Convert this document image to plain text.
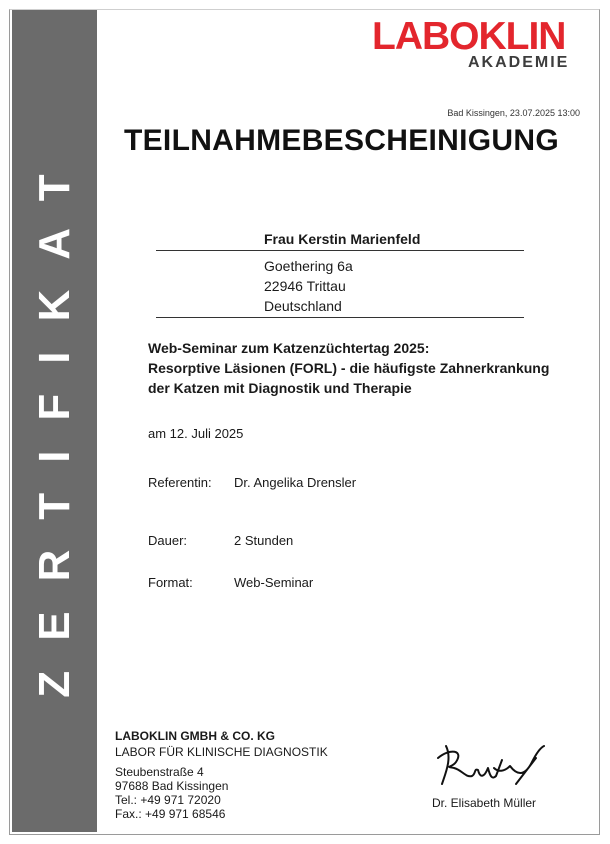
ZERTIFIKAT
LABOKLIN
AKADEMIE
Bad Kissingen, 23.07.2025 13:00
TEILNAHMEBESCHEINIGUNG
Frau Kerstin Marienfeld
Goethering 6a
22946 Trittau
Deutschland
Web-Seminar zum Katzenzüchtertag 2025:
Resorptive Läsionen (FORL) - die häufigste Zahnerkrankung
der Katzen mit Diagnostik und Therapie
am 12. Juli 2025
Referentin: Dr. Angelika Drensler
Dauer:	2 Stunden
Format:	Web-Seminar
LABOKLIN GMBH & CO. KG
LABOR FÜR KLINISCHE DIAGNOSTIK
Steubenstraße 4
97688 Bad Kissingen
Tel.: +49 971 72020
Fax.: +49 971 68546
Dr. Elisabeth Müller
